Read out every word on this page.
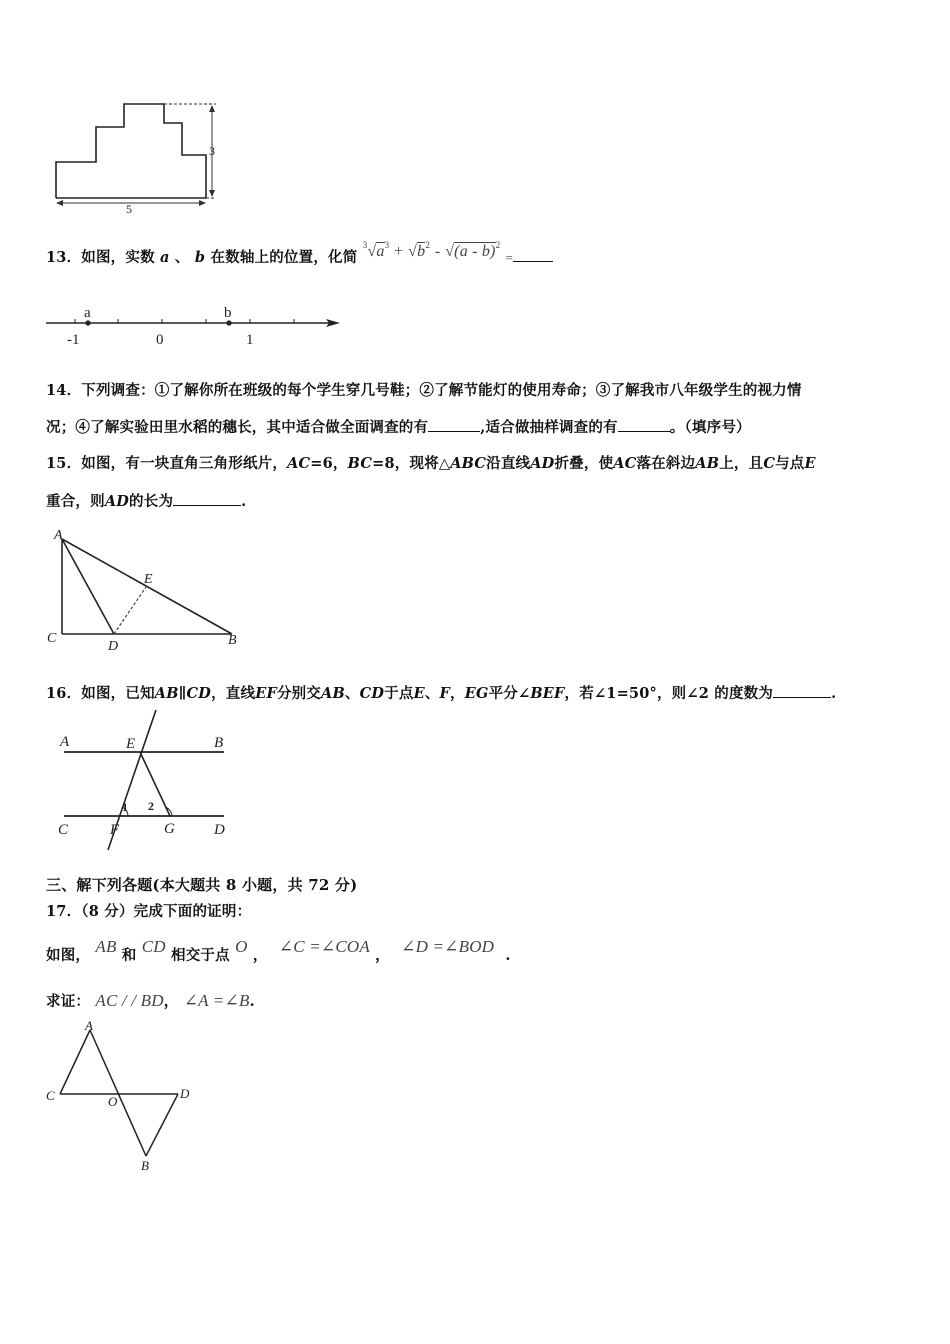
3
5
13．如图，实数 a 、 b 在数轴上的位置，化简 $^3√a^3 + √b^2 - √(a - b)^2$ =
a	b
-1	0	1
14．下列调查：①了解你所在班级的每个学生穿几号鞋；②了解节能灯的使用寿命；③了解我市八年级学生的视力情
况；④了解实验田里水稻的穗长，其中适合做全面调查的有	,适合做抽样调查的有	。（填序号）
15．如图，有一块直角三角形纸片，AC=6，BC=8，现将△ABC沿直线AD折叠，使AC落在斜边AB上，且C与点E
重合，则AD的长为	.
A
E
C
D	B
16．如图，已知AB∥CD，直线EF分别交AB、CD于点E、F，EG平分∠BEF，若∠1=50°，则∠2 的度数为	.
A	E	B
1 2
C	F	G	D
三、解下列各题(本大题共 8 小题，共 72 分)
17．（8 分）完成下面的证明：
如图， AB 和 CD 相交于点 O ， ∠C =∠COA ， ∠D =∠BOD .
求证： AC / / BD， ∠A =∠B.
A
C	O
D
B
